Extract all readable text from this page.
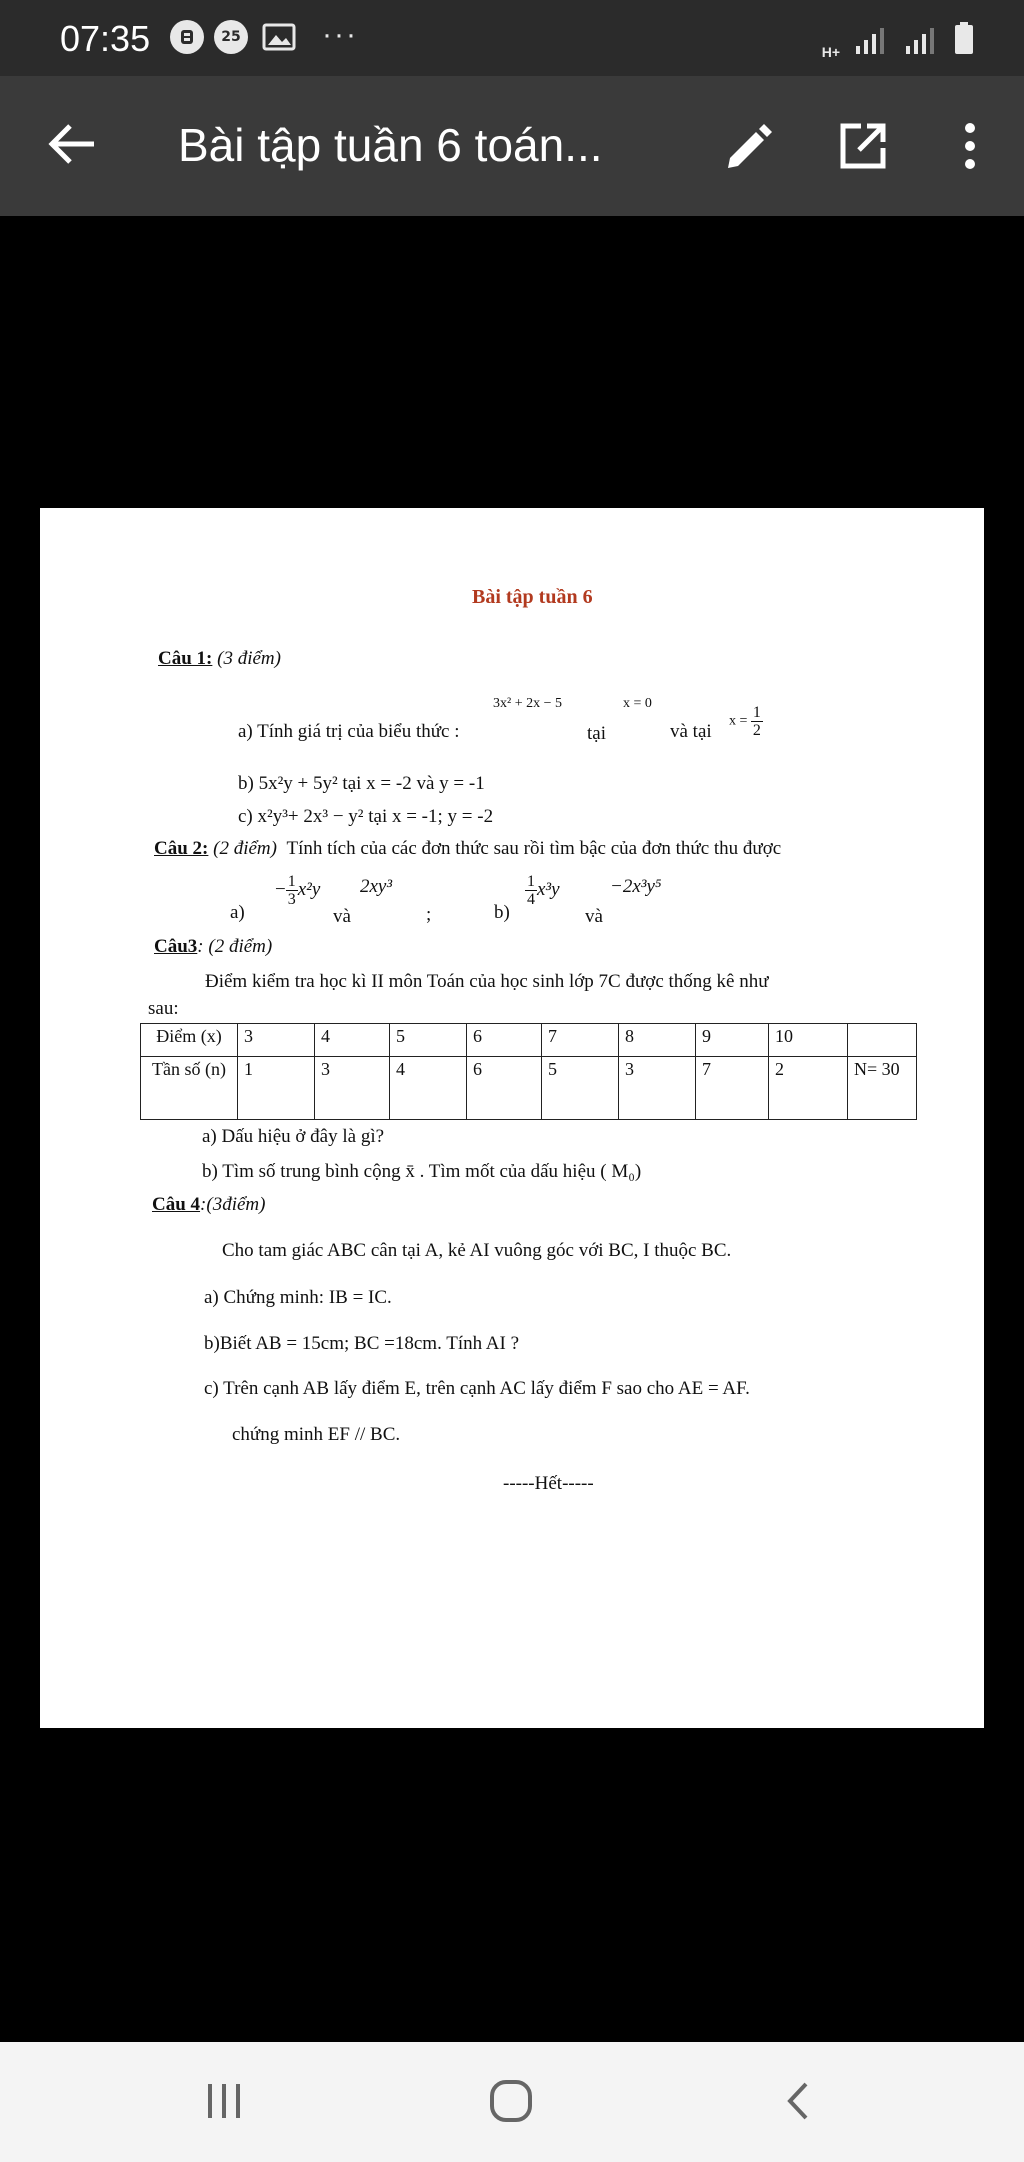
07:35	25	···
H+
Bài tập tuần 6 toán...
Bài tập tuần 6
Câu 1: (3 điểm)
a) Tính giá trị của biểu thức :
3x² + 2x − 5
tại
x = 0
và tại $x = \frac{1}{2}$
b) 5x²y + 5y² tại x = -2 và y = -1
c) x²y³+ 2x³ − y² tại x = -1; y = -2
Câu 2: (2 điểm) Tính tích của các đơn thức sau rồi tìm bậc của đơn thức thu được
a)
− $\frac{1}{3} x^2y$
và
2xy³
;	b)
$\frac{1}{4} x^3y$
và
−2x³y⁵
Câu3: (2 điểm)
Điểm kiểm tra học kì II môn Toán của học sinh lớp 7C được thống kê như
sau:
Điểm (x)	3	4	5	6	7	8	9	10	
Tần số (n)	1	3	4	6	5	3	7	2	N= 30
a) Dấu hiệu ở đây là gì?
b) Tìm số trung bình cộng x̄ . Tìm mốt của dấu hiệu ( M₀)
Câu 4:(3điểm)
Cho tam giác ABC cân tại A, kẻ AI vuông góc với BC, I thuộc BC.
a) Chứng minh: IB = IC.
b)Biết AB = 15cm; BC =18cm. Tính AI ?
c) Trên cạnh AB lấy điểm E, trên cạnh AC lấy điểm F sao cho AE = AF.
chứng minh EF // BC.
-----Hết-----
